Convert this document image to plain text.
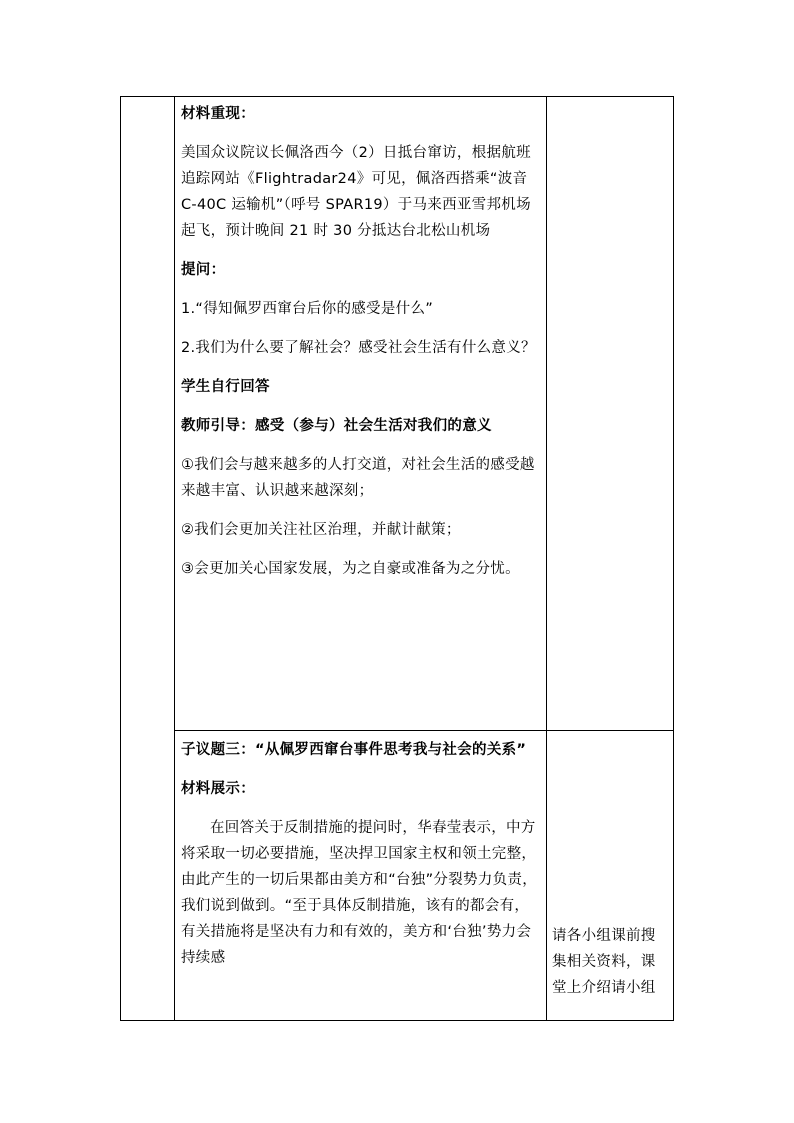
材料重现：

美国众议院议长佩洛西今（2）日抵台窜访，根据航班追踪网站《Flightradar24》可见，佩洛西搭乘“波音 C-40C 运输机”（呼号 SPAR19）于马来西亚雪邦机场起飞，预计晚间 21 时 30 分抵达台北松山机场

提问：

1.“得知佩罗西窜台后你的感受是什么”

2.我们为什么要了解社会？感受社会生活有什么意义？

学生自行回答

教师引导：感受（参与）社会生活对我们的意义

①我们会与越来越多的人打交道，对社会生活的感受越来越丰富、认识越来越深刻；

②我们会更加关注社区治理，并献计献策；

③会更加关心国家发展，为之自豪或准备为之分忧。

子议题三：“从佩罗西窜台事件思考我与社会的关系”

材料展示：

在回答关于反制措施的提问时，华春莹表示，中方将采取一切必要措施，坚决捍卫国家主权和领土完整，由此产生的一切后果都由美方和“台独”分裂势力负责，我们说到做到。“至于具体反制措施，该有的都会有，有关措施将是坚决有力和有效的，美方和‘台独’势力会持续感

请各小组课前搜集相关资料，课堂上介绍请小组
